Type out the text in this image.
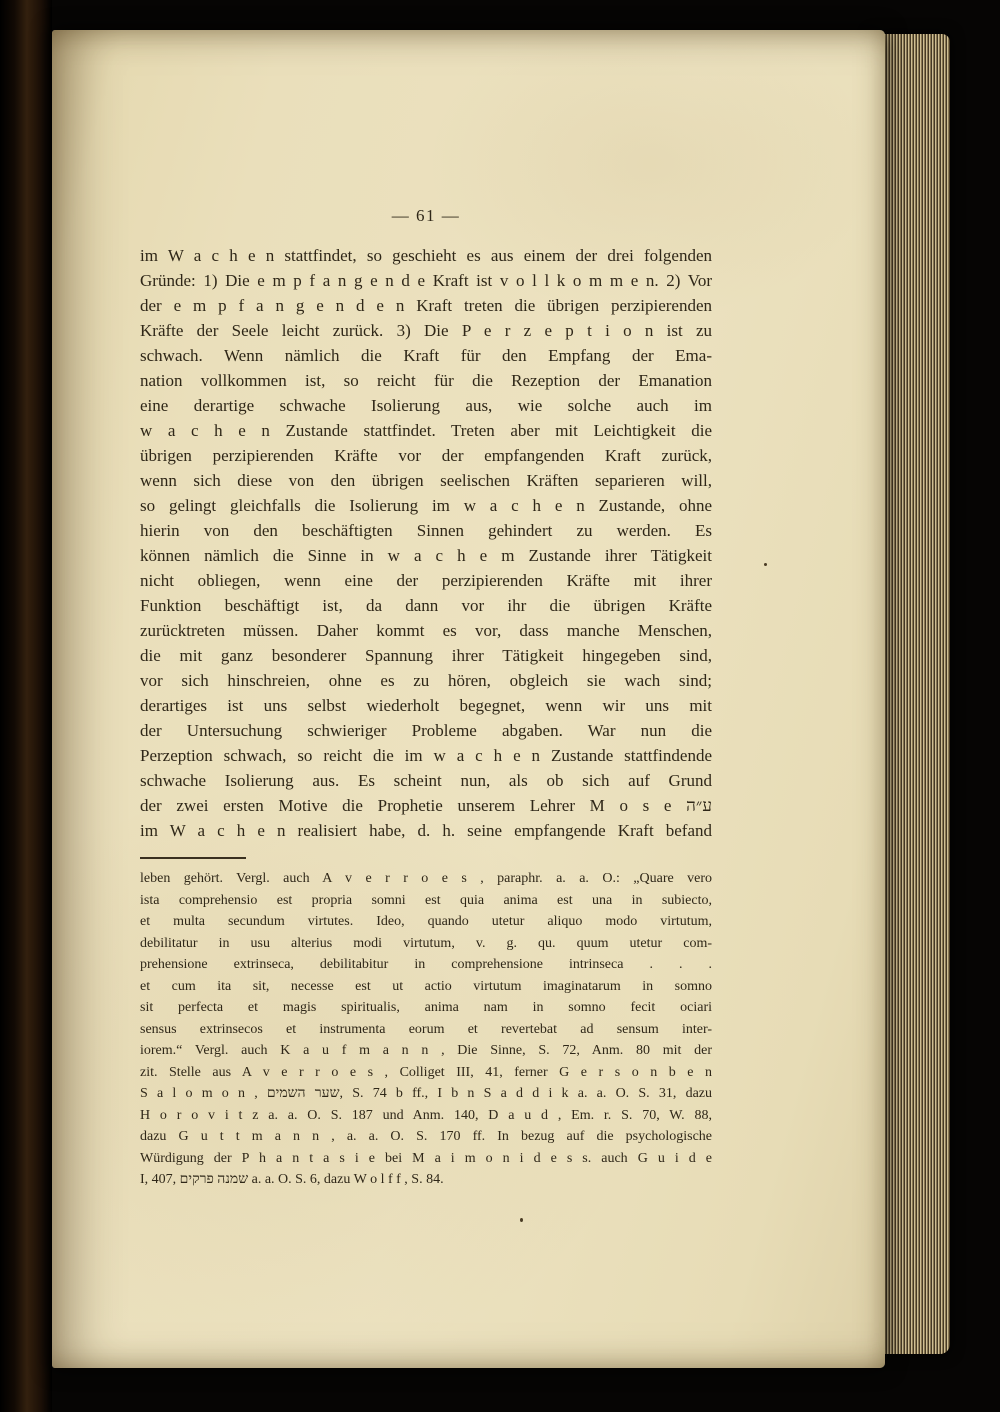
— 61 —
im W a c h e n stattfindet, so geschieht es aus einem der drei folgenden
Gründe: 1) Die e m p f a n g e n d e Kraft ist v o l l k o m m e n. 2) Vor
der e m p f a n g e n d e n Kraft treten die übrigen perzipierenden
Kräfte der Seele leicht zurück. 3) Die P e r z e p t i o n ist zu
schwach. Wenn nämlich die Kraft für den Empfang der Ema-
nation vollkommen ist, so reicht für die Rezeption der Emanation
eine derartige schwache Isolierung aus, wie solche auch im
w a c h e n Zustande stattfindet. Treten aber mit Leichtigkeit die
übrigen perzipierenden Kräfte vor der empfangenden Kraft zurück,
wenn sich diese von den übrigen seelischen Kräften separieren will,
so gelingt gleichfalls die Isolierung im w a c h e n Zustande, ohne
hierin von den beschäftigten Sinnen gehindert zu werden. Es
können nämlich die Sinne in w a c h e m Zustande ihrer Tätigkeit
nicht obliegen, wenn eine der perzipierenden Kräfte mit ihrer
Funktion beschäftigt ist, da dann vor ihr die übrigen Kräfte
zurücktreten müssen. Daher kommt es vor, dass manche Menschen,
die mit ganz besonderer Spannung ihrer Tätigkeit hingegeben sind,
vor sich hinschreien, ohne es zu hören, obgleich sie wach sind;
derartiges ist uns selbst wiederholt begegnet, wenn wir uns mit
der Untersuchung schwieriger Probleme abgaben. War nun die
Perzeption schwach, so reicht die im w a c h e n Zustande stattfindende
schwache Isolierung aus. Es scheint nun, als ob sich auf Grund
der zwei ersten Motive die Prophetie unserem Lehrer M o s e ע״ה
im W a c h e n realisiert habe, d. h. seine empfangende Kraft befand
leben gehört. Vergl. auch A v e r r o e s , paraphr. a. a. O.: „Quare vero
ista comprehensio est propria somni est quia anima est una in subiecto,
et multa secundum virtutes. Ideo, quando utetur aliquo modo virtutum,
debilitatur in usu alterius modi virtutum, v. g. qu. quum utetur com-
prehensione extrinseca, debilitabitur in comprehensione intrinseca . . .
et cum ita sit, necesse est ut actio virtutum imaginatarum in somno
sit perfecta et magis spiritualis, anima nam in somno fecit ociari
sensus extrinsecos et instrumenta eorum et revertebat ad sensum inter-
iorem.“ Vergl. auch K a u f m a n n , Die Sinne, S. 72, Anm. 80 mit der
zit. Stelle aus A v e r r o e s , Colliget III, 41, ferner G e r s o n b e n
S a l o m o n , שער השמים, S. 74 b ff., I b n S a d d i k a. a. O. S. 31, dazu
H o r o v i t z a. a. O. S. 187 und Anm. 140, D a u d , Em. r. S. 70, W. 88,
dazu G u t t m a n n , a. a. O. S. 170 ff. In bezug auf die psychologische
Würdigung der P h a n t a s i e bei M a i m o n i d e s s. auch G u i d e
I, 407, שמנה פרקים a. a. O. S. 6, dazu W o l f f , S. 84.
